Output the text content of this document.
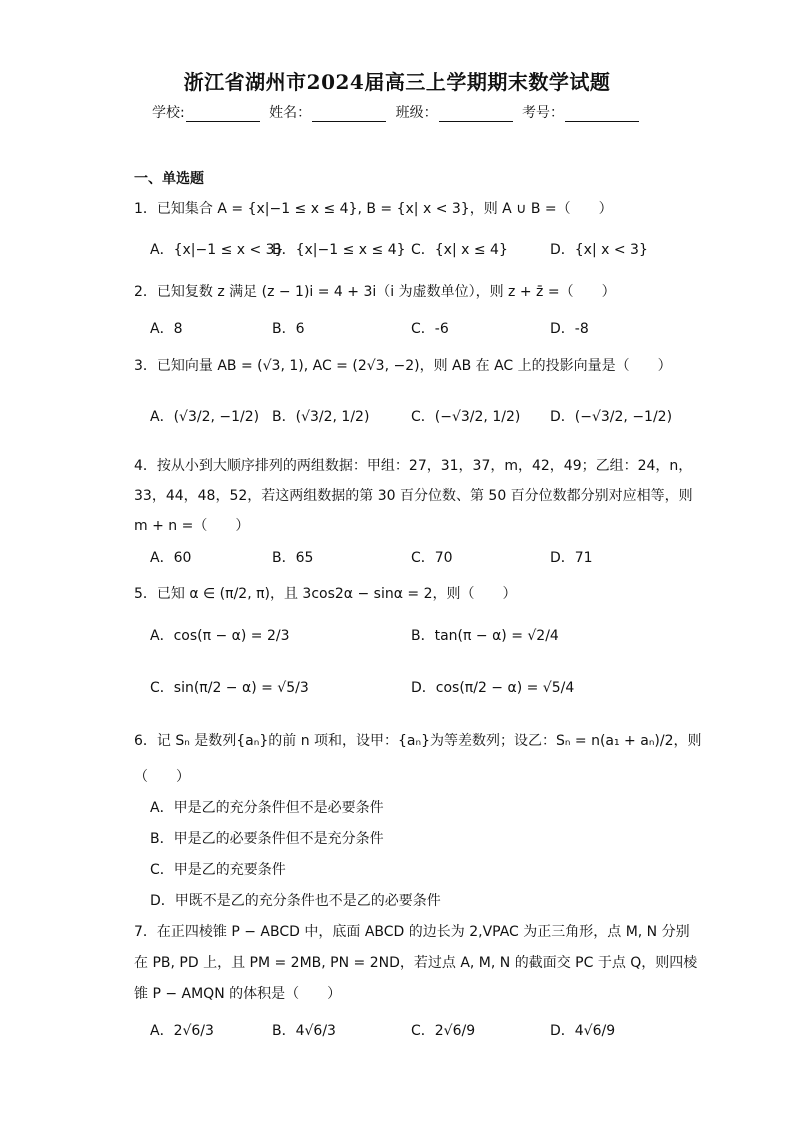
浙江省湖州市2024届高三上学期期末数学试题
学校:	姓名：	班级：	考号：
一、单选题
1．已知集合 A = {x|−1 ≤ x ≤ 4}, B = {x| x < 3}，则 A ∪ B =（　　）
A．{x|−1 ≤ x < 3}
B．{x|−1 ≤ x ≤ 4} C．{x| x ≤ 4}	D．{x| x < 3}
2．已知复数 z 满足 (z − 1)i = 4 + 3i（i 为虚数单位），则 z + z̄ =（　　）
A．8	B．6	C．-6	D．-8
3．已知向量 AB = (√3, 1), AC = (2√3, −2)，则 AB 在 AC 上的投影向量是（　　）
A．(√3/2, −1/2) B．(√3/2, 1/2)	C．(−√3/2, 1/2) D．(−√3/2, −1/2)
4．按从小到大顺序排列的两组数据：甲组：27，31，37，m，42，49；乙组：24，n，
33，44，48，52，若这两组数据的第 30 百分位数、第 50 百分位数都分别对应相等，则
m + n =（　　）
A．60	B．65	C．70	D．71
5．已知 α ∈ (π/2, π)，且 3cos2α − sinα = 2，则（　　）
A．cos(π − α) = 2/3	B．tan(π − α) = √2/4
C．sin(π/2 − α) = √5/3	D．cos(π/2 − α) = √5/4
6．记 Sₙ 是数列{aₙ}的前 n 项和，设甲：{aₙ}为等差数列；设乙：Sₙ = n(a₁ + aₙ)/2，则
（　　）
A．甲是乙的充分条件但不是必要条件
B．甲是乙的必要条件但不是充分条件
C．甲是乙的充要条件
D．甲既不是乙的充分条件也不是乙的必要条件
7．在正四棱锥 P − ABCD 中，底面 ABCD 的边长为 2,VPAC 为正三角形，点 M, N 分别
在 PB, PD 上，且 PM = 2MB, PN = 2ND，若过点 A, M, N 的截面交 PC 于点 Q，则四棱
锥 P − AMQN 的体积是（　　）
A．2√6/3	B．4√6/3	C．2√6/9	D．4√6/9
